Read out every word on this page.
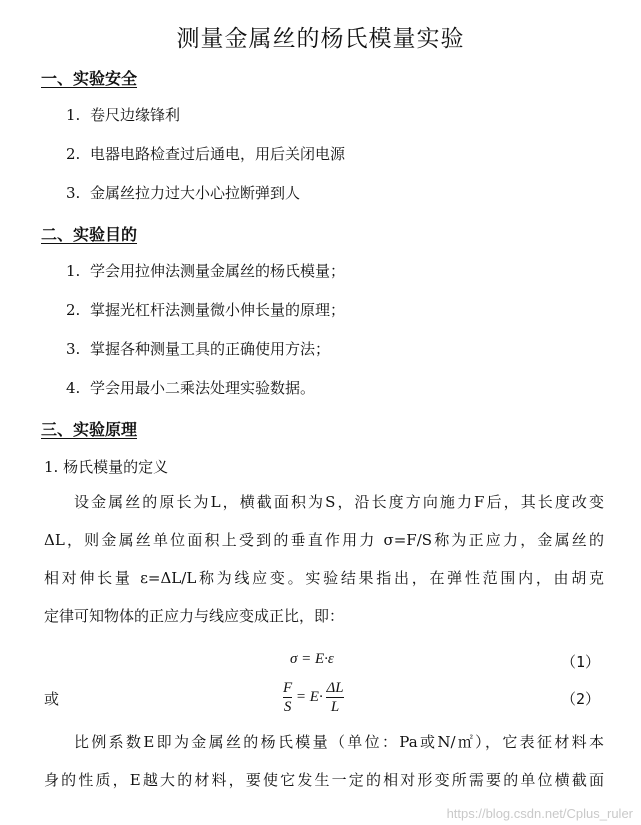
测量金属丝的杨氏模量实验
一、实验安全
1. 卷尺边缘锋利
2. 电器电路检查过后通电，用后关闭电源
3. 金属丝拉力过大小心拉断弹到人
二、实验目的
1. 学会用拉伸法测量金属丝的杨氏模量；
2. 掌握光杠杆法测量微小伸长量的原理；
3. 掌握各种测量工具的正确使用方法；
4. 学会用最小二乘法处理实验数据。
三、实验原理
1. 杨氏模量的定义
设金属丝的原长为L，横截面积为S，沿长度方向施力F后，其长度改变
ΔL，则金属丝单位面积上受到的垂直作用力 σ=F/S称为正应力，金属丝的
相对伸长量 ε=ΔL/L称为线应变。实验结果指出，在弹性范围内，由胡克
定律可知物体的正应力与线应变成正比，即：
σ = E·ε	（1）
或	$\frac{F}{S} = E\cdot \frac{\Delta L}{L}$	（2）
比例系数E即为金属丝的杨氏模量（单位：Pa或N/㎡），它表征材料本
身的性质，E越大的材料，要使它发生一定的相对形变所需要的单位横截面
https://blog.csdn.net/Cplus_ruler
